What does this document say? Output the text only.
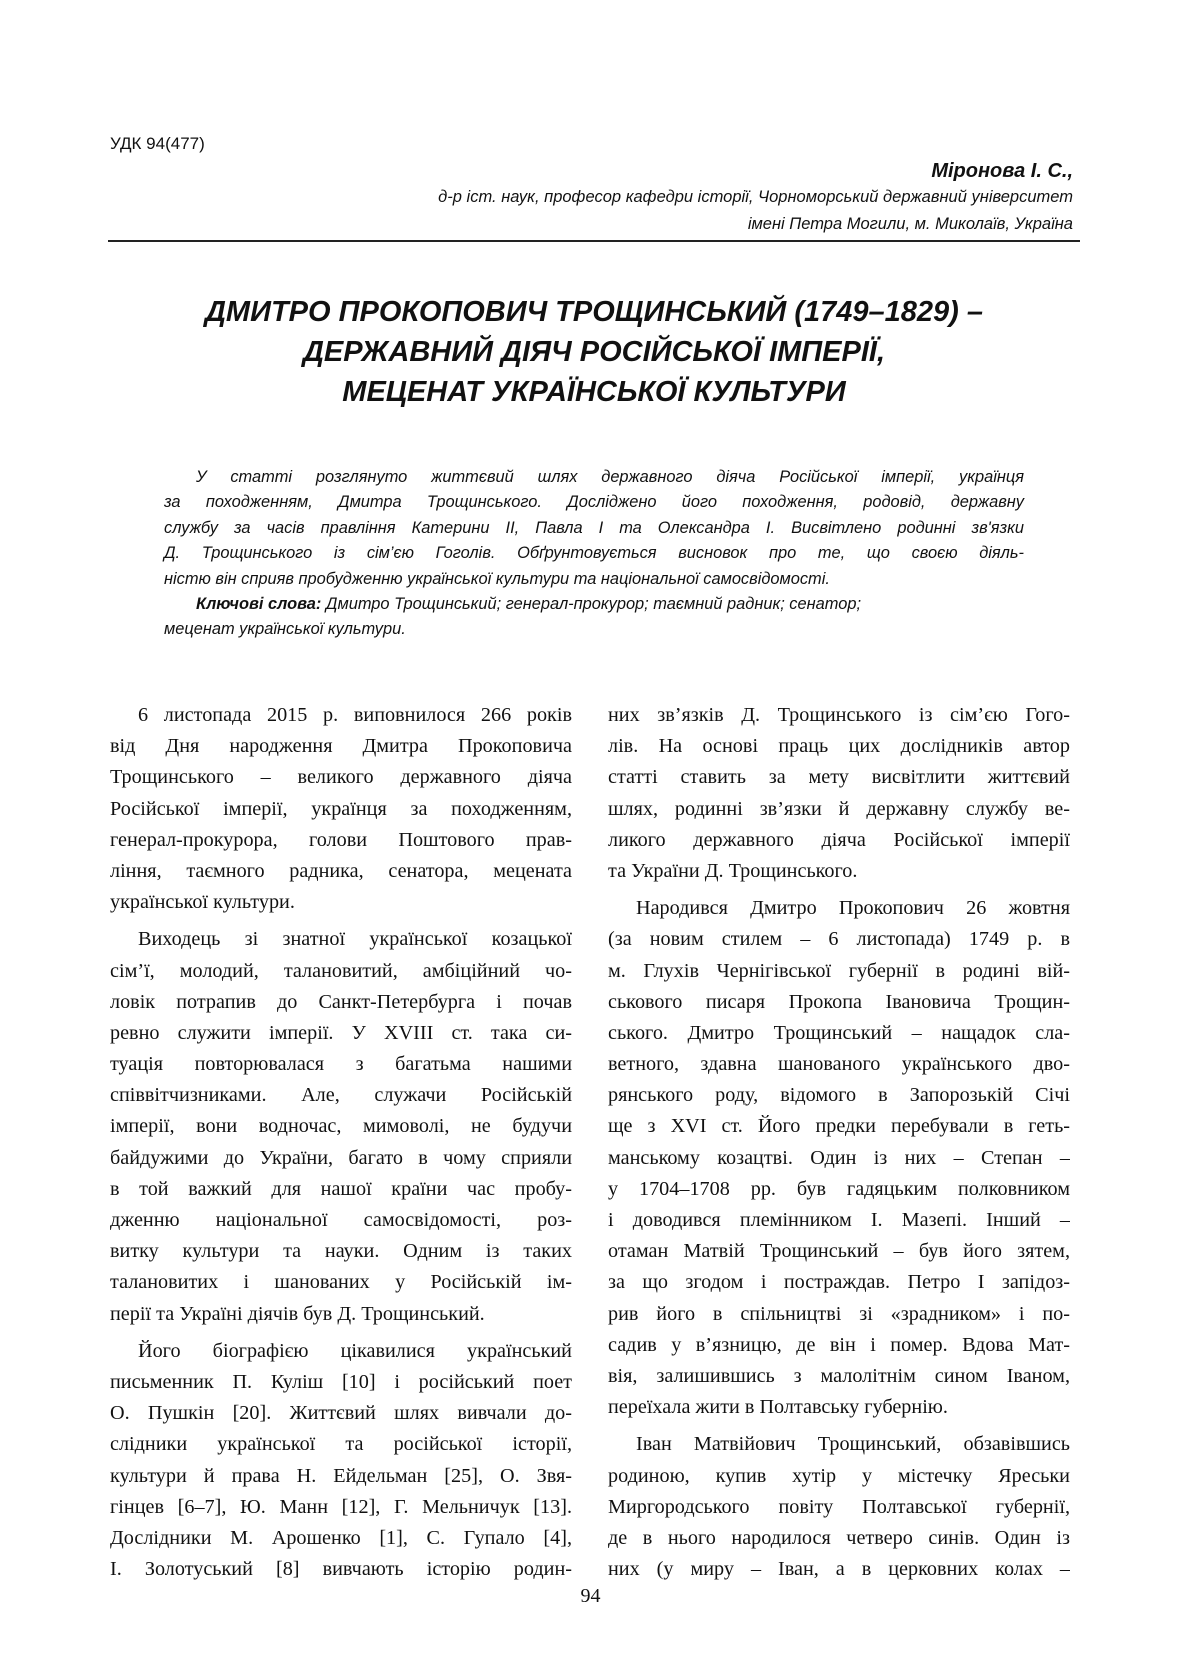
УДК 94(477)
Міронова І. С.,
д-р іст. наук, професор кафедри історії, Чорноморський державний університет
імені Петра Могили, м. Миколаїв, Україна
ДМИТРО ПРОКОПОВИЧ ТРОЩИНСЬКИЙ (1749–1829) –
ДЕРЖАВНИЙ ДІЯЧ РОСІЙСЬКОЇ ІМПЕРІЇ,
МЕЦЕНАТ УКРАЇНСЬКОЇ КУЛЬТУРИ
У статті розглянуто життєвий шлях державного діяча Російської імперії, українця
за походженням, Дмитра Трощинського. Досліджено його походження, родовід, державну
службу за часів правління Катерини ІІ, Павла І та Олександра І. Висвітлено родинні зв'язки
Д. Трощинського із сім’єю Гоголів. Обґрунтовується висновок про те, що своєю діяль-
ністю він сприяв пробудженню української культури та національної самосвідомості.
Ключові слова: Дмитро Трощинський; генерал-прокурор; таємний радник; сенатор;
меценат української культури.
6 листопада 2015 р. виповнилося 266 років
від Дня народження Дмитра Прокоповича
Трощинського – великого державного діяча
Російської імперії, українця за походженням,
генерал-прокурора, голови Поштового прав-
ління, таємного радника, сенатора, мецената
української культури.
Виходець зі знатної української козацької
сім’ї, молодий, талановитий, амбіційний чо-
ловік потрапив до Санкт-Петербурга і почав
ревно служити імперії. У XVIII ст. така си-
туація повторювалася з багатьма нашими
співвітчизниками. Але, служачи Російській
імперії, вони водночас, мимоволі, не будучи
байдужими до України, багато в чому сприяли
в той важкий для нашої країни час пробу-
дженню національної самосвідомості, роз-
витку культури та науки. Одним із таких
талановитих і шанованих у Російській ім-
перії та Україні діячів був Д. Трощинський.
Його біографією цікавилися український
письменник П. Куліш [10] і російський поет
О. Пушкін [20]. Життєвий шлях вивчали до-
слідники української та російської історії,
культури й права Н. Ейдельман [25], О. Звя-
гінцев [6–7], Ю. Манн [12], Г. Мельничук [13].
Дослідники М. Арошенко [1], С. Гупало [4],
І. Золотуський [8] вивчають історію родин-
них зв’язків Д. Трощинського із сім’єю Гого-
лів. На основі праць цих дослідників автор
статті ставить за мету висвітлити життєвий
шлях, родинні зв’язки й державну службу ве-
ликого державного діяча Російської імперії
та України Д. Трощинського.
Народився Дмитро Прокопович 26 жовтня
(за новим стилем – 6 листопада) 1749 р. в
м. Глухів Чернігівської губернії в родині вій-
ськового писаря Прокопа Івановича Трощин-
ського. Дмитро Трощинський – нащадок сла-
ветного, здавна шанованого українського дво-
рянського роду, відомого в Запорозькій Січі
ще з XVI ст. Його предки перебували в геть-
манському козацтві. Один із них – Степан –
у 1704–1708 рр. був гадяцьким полковником
і доводився племінником І. Мазепі. Інший –
отаман Матвій Трощинський – був його зятем,
за що згодом і постраждав. Петро І запідоз-
рив його в спільництві зі «зрадником» і по-
садив у в’язницю, де він і помер. Вдова Мат-
вія, залишившись з малолітнім сином Іваном,
переїхала жити в Полтавську губернію.
Іван Матвійович Трощинський, обзавівшись
родиною, купив хутір у містечку Яреськи
Миргородського повіту Полтавської губернії,
де в нього народилося четверо синів. Один із
них (у миру – Іван, а в церковних колах –
94
